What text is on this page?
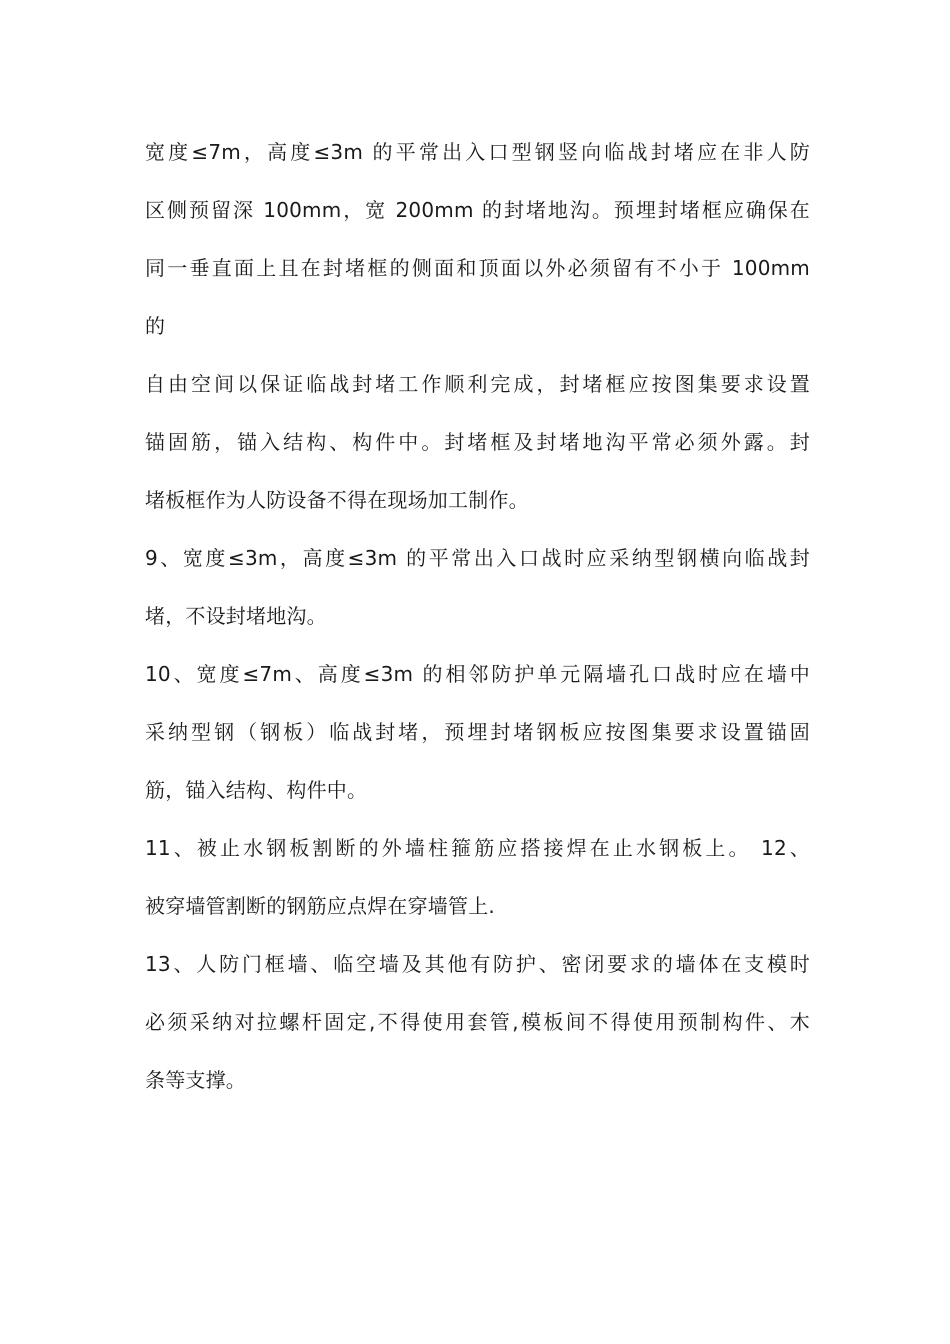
宽度≤7m，高度≤3m 的平常出入口型钢竖向临战封堵应在非人防
区侧预留深 100mm，宽 200mm 的封堵地沟。预埋封堵框应确保在
同一垂直面上且在封堵框的侧面和顶面以外必须留有不小于 100mm
的
自由空间以保证临战封堵工作顺利完成，封堵框应按图集要求设置
锚固筋，锚入结构、构件中。封堵框及封堵地沟平常必须外露。封
堵板框作为人防设备不得在现场加工制作。
9、宽度≤3m，高度≤3m 的平常出入口战时应采纳型钢横向临战封
堵，不设封堵地沟。
10、宽度≤7m、高度≤3m 的相邻防护单元隔墙孔口战时应在墙中
采纳型钢（钢板）临战封堵，预埋封堵钢板应按图集要求设置锚固
筋，锚入结构、构件中。
11、被止水钢板割断的外墙柱箍筋应搭接焊在止水钢板上。 12、
被穿墙管割断的钢筋应点焊在穿墙管上.
13、人防门框墙、临空墙及其他有防护、密闭要求的墙体在支模时
必须采纳对拉螺杆固定,不得使用套管,模板间不得使用预制构件、木
条等支撑。
